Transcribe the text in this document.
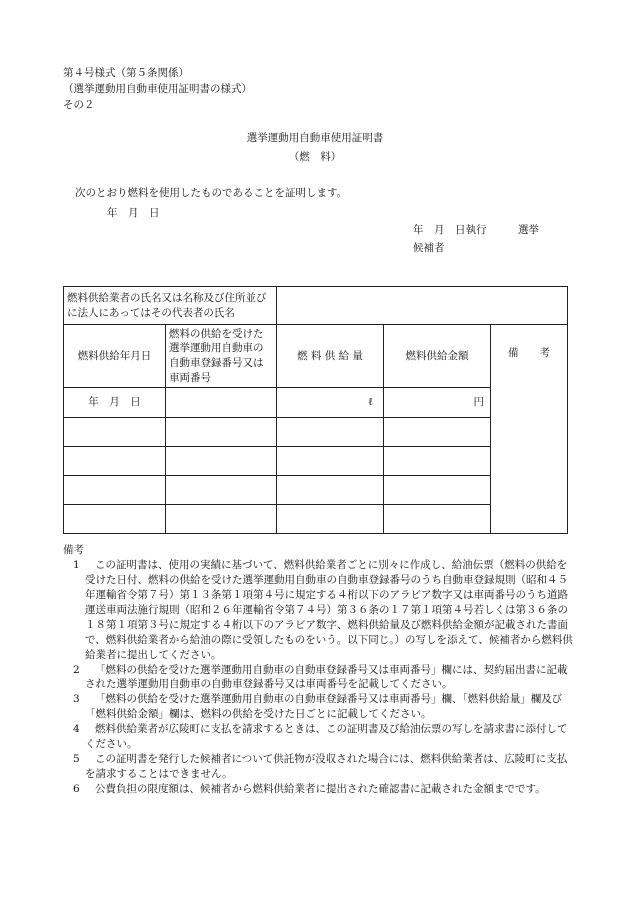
第４号様式（第５条関係）
（選挙運動用自動車使用証明書の様式）
その２
選挙運動用自動車使用証明書
（燃　料）
次のとおり燃料を使用したものであることを証明します。
年　月　日
年　月　日執行　　　選挙
候補者
燃料供給業者の氏名又は名称及び住所並びに法人にあってはその代表者の氏名				
燃料供給年月日	燃料の供給を受けた選挙運動用自動車の自動車登録番号又は車両番号	燃 料 供 給 量	燃料供給金額	備　　考
年　月　日		ℓ	円	

備考

1 この証明書は、使用の実績に基づいて、燃料供給業者ごとに別々に作成し、給油伝票（燃料の供給を受けた日付、燃料の供給を受けた選挙運動用自動車の自動車登録番号のうち自動車登録規則（昭和４５年運輸省令第７号）第１３条第１項第４号に規定する４桁以下のアラビア数字又は車両番号のうち道路運送車両法施行規則（昭和２６年運輸省令第７４号）第３６条の１７第１項第４号若しくは第３６条の１８第１項第３号に規定する４桁以下のアラビア数字、燃料供給量及び燃料供給金額が記載された書面で、燃料供給業者から給油の際に受領したものをいう。以下同じ。）の写しを添えて、候補者から燃料供給業者に提出してください。

2 「燃料の供給を受けた選挙運動用自動車の自動車登録番号又は車両番号」欄には、契約届出書に記載された選挙運動用自動車の自動車登録番号又は車両番号を記載してください。

3 「燃料の供給を受けた選挙運動用自動車の自動車登録番号又は車両番号」欄、「燃料供給量」欄及び「燃料供給金額」欄は、燃料の供給を受けた日ごとに記載してください。

4 燃料供給業者が広陵町に支払を請求するときは、この証明書及び給油伝票の写しを請求書に添付してください。

5 この証明書を発行した候補者について供託物が没収された場合には、燃料供給業者は、広陵町に支払を請求することはできません。

6 公費負担の限度額は、候補者から燃料供給業者に提出された確認書に記載された金額までです。
